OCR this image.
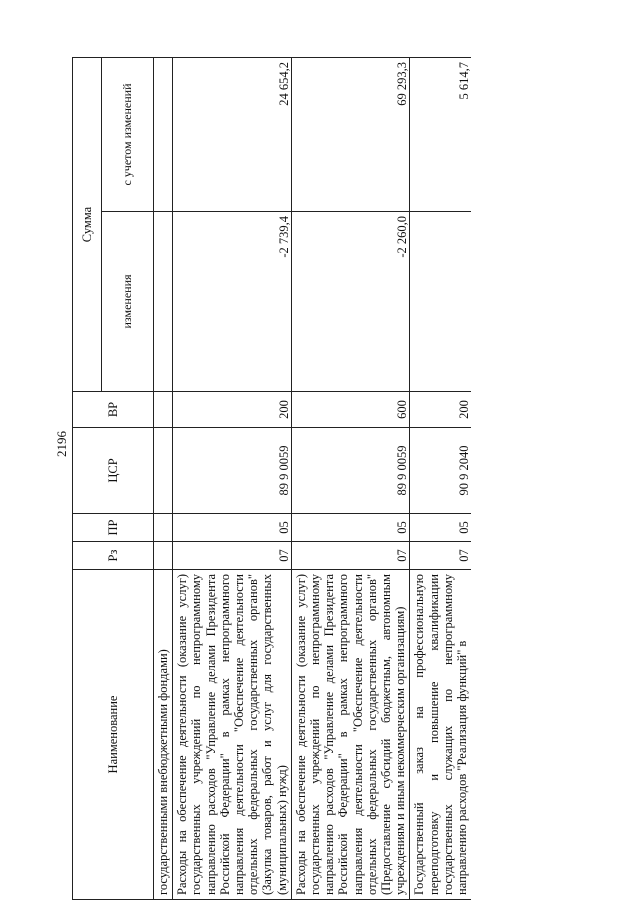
2196
Наименование	Рз	ПР	ЦСР	ВР	Сумма	
					изменения	с учетом изменений
государственными внебюджетными фондами)						
Расходы на обеспечение деятельности (оказание услуг) государственных учреждений по непрограммному направлению расходов "Управление делами Президента Российской Федерации" в рамках непрограммного направления деятельности "Обеспечение деятельности отдельных федеральных государственных органов" (Закупка товаров, работ и услуг для государственных (муниципальных) нужд)	07	05	89 9 0059	200	-2 739,4	24 654,2
Расходы на обеспечение деятельности (оказание услуг) государственных учреждений по непрограммному направлению расходов "Управление делами Президента Российской Федерации" в рамках непрограммного направления деятельности "Обеспечение деятельности отдельных федеральных государственных органов" (Предоставление субсидий бюджетным, автономным учреждениям и иным некоммерческим организациям)	07	05	89 9 0059	600	-2 260,0	69 293,3
Государственный заказ на профессиональную переподготовку и повышение квалификации государственных служащих по непрограммному направлению расходов "Реализация функций" в	07	05	90 9 2040	200		5 614,7
